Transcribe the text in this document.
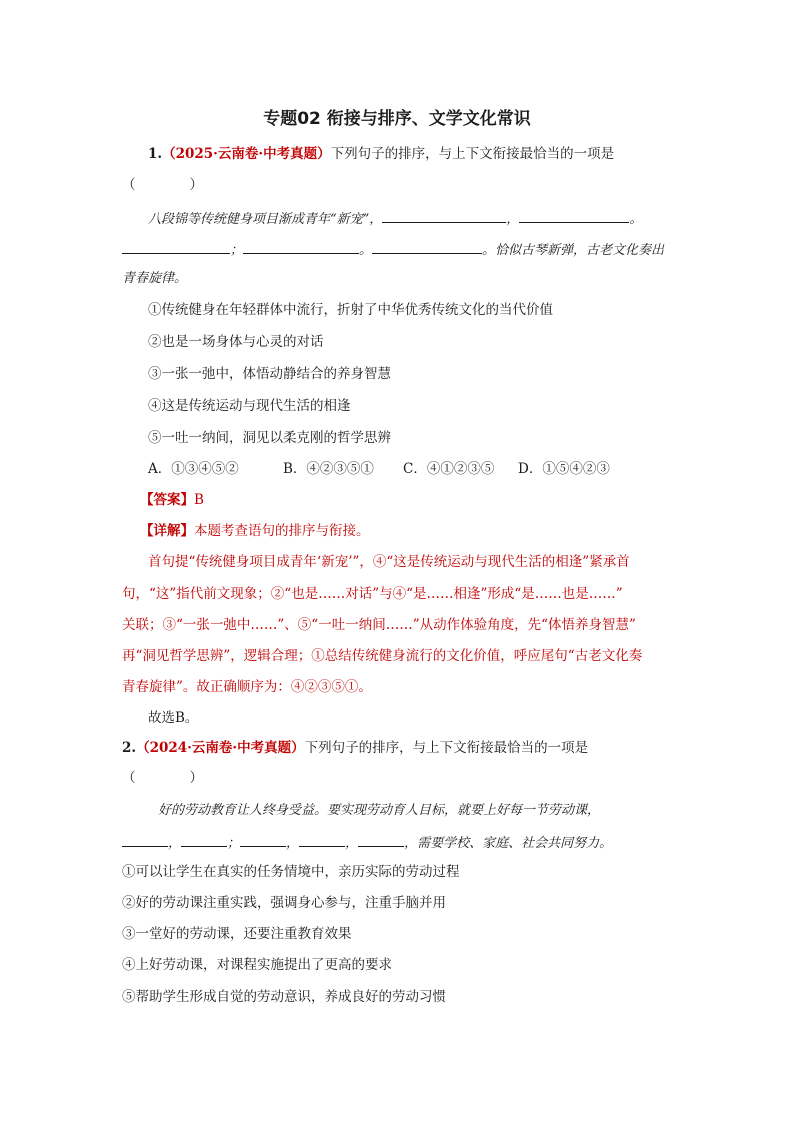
专题02 衔接与排序、文学文化常识
1.（2025·云南卷·中考真题）下列句子的排序，与上下文衔接最恰当的一项是
（　　　　）
八段锦等传统健身项目渐成青年“新宠”，	，	。
；	。	。恰似古琴新弹，古老文化奏出
青春旋律。
①传统健身在年轻群体中流行，折射了中华优秀传统文化的当代价值
②也是一场身体与心灵的对话
③一张一弛中，体悟动静结合的养身智慧
④这是传统运动与现代生活的相逢
⑤一吐一纳间，洞见以柔克刚的哲学思辨
A．①③④⑤②	B．④②③⑤① C．④①②③⑤ D．①⑤④②③
【答案】B
【详解】本题考查语句的排序与衔接。
首句提“传统健身项目成青年‘新宠’”，④“这是传统运动与现代生活的相逢”紧承首
句，“这”指代前文现象；②“也是……对话”与④“是……相逢”形成“是……也是……”
关联；③“一张一弛中……”、⑤“一吐一纳间……”从动作体验角度，先“体悟养身智慧”
再“洞见哲学思辨”，逻辑合理；①总结传统健身流行的文化价值，呼应尾句“古老文化奏
青春旋律”。故正确顺序为：④②③⑤①。
故选B。
2.（2024·云南卷·中考真题）下列句子的排序，与上下文衔接最恰当的一项是
（　　　　）
好的劳动教育让人终身受益。要实现劳动育人目标，就要上好每一节劳动课，
，	；	，	，	，需要学校、家庭、社会共同努力。
①可以让学生在真实的任务情境中，亲历实际的劳动过程
②好的劳动课注重实践，强调身心参与，注重手脑并用
③一堂好的劳动课，还要注重教育效果
④上好劳动课，对课程实施提出了更高的要求
⑤帮助学生形成自觉的劳动意识，养成良好的劳动习惯
